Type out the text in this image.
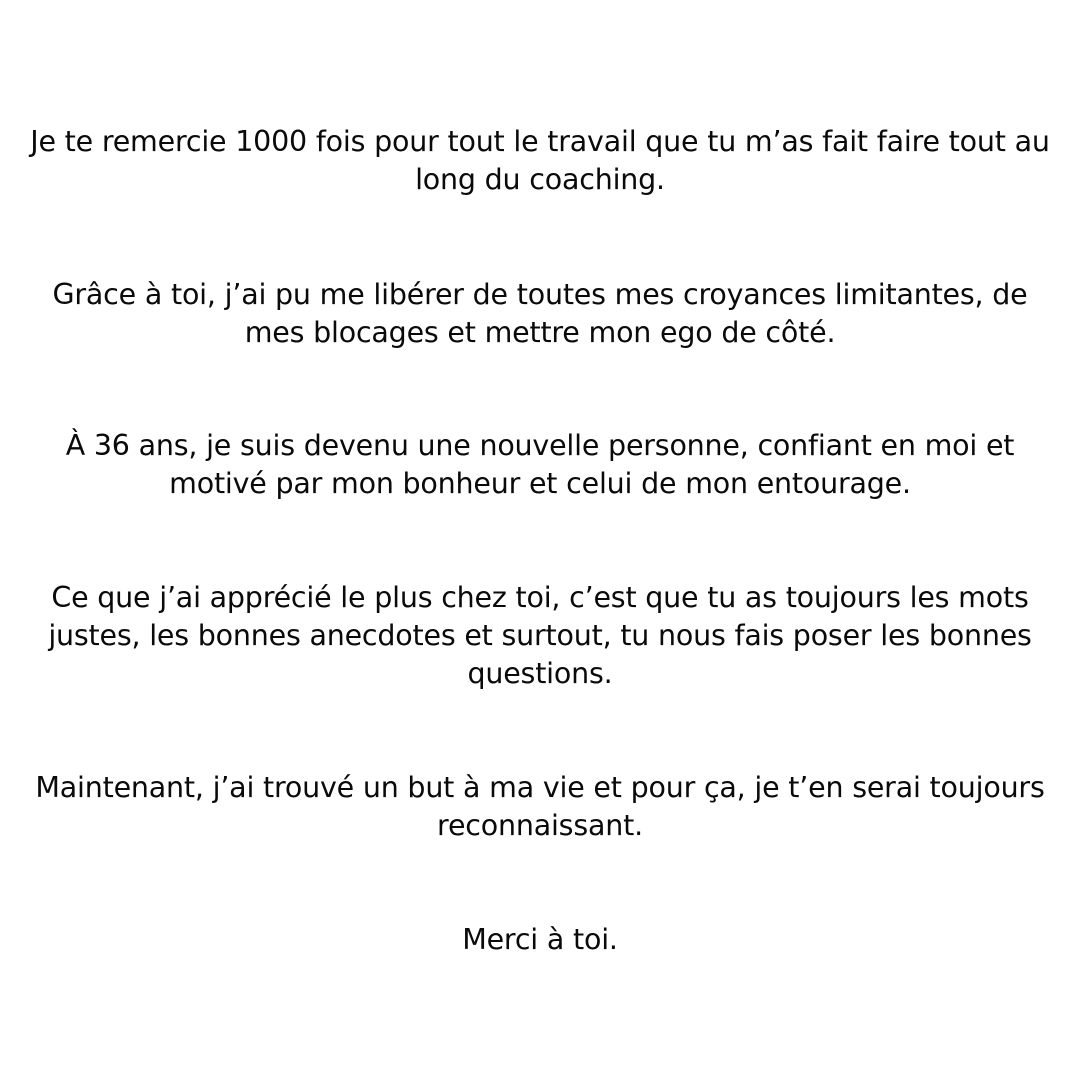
Je te remercie 1000 fois pour tout le travail que tu m’as fait faire tout au long du coaching.

Grâce à toi, j’ai pu me libérer de toutes mes croyances limitantes, de mes blocages et mettre mon ego de côté.

À 36 ans, je suis devenu une nouvelle personne, confiant en moi et motivé par mon bonheur et celui de mon entourage.

Ce que j’ai apprécié le plus chez toi, c’est que tu as toujours les mots justes, les bonnes anecdotes et surtout, tu nous fais poser les bonnes questions.

Maintenant, j’ai trouvé un but à ma vie et pour ça, je t’en serai toujours reconnaissant.

Merci à toi.
